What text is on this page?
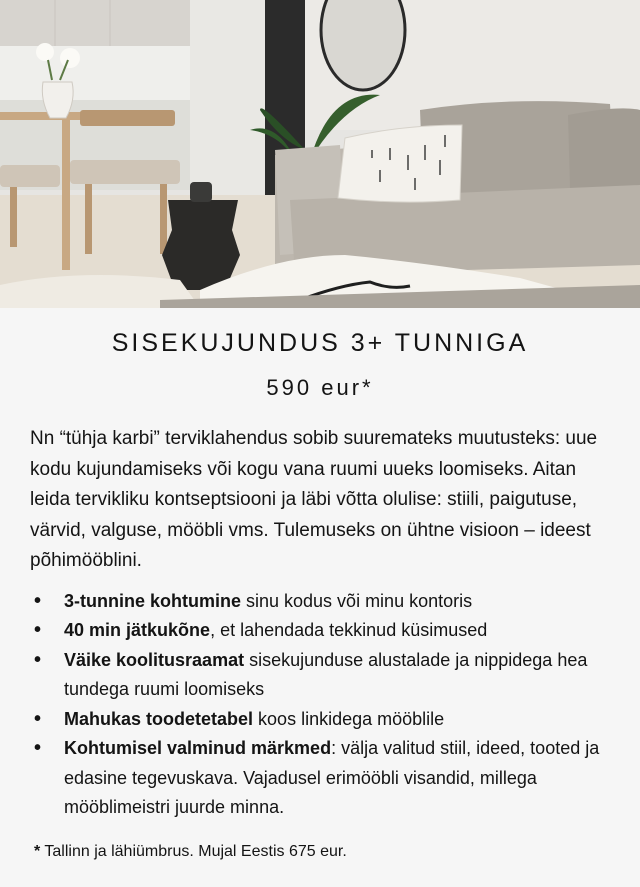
SISEKUJUNDUS 3+ TUNNIGA
590 eur*

Nn “tühja karbi” terviklahendus sobib suuremateks muutusteks: uue kodu kujundamiseks või kogu vana ruumi uueks loomiseks. Aitan leida tervikliku kontseptsiooni ja läbi võtta olulise: stiili, paigutuse, värvid, valguse, mööbli vms. Tulemuseks on ühtne visioon – ideest põhimööblini.

• 3-tunnine kohtumine sinu kodus või minu kontoris
• 40 min jätkukõne, et lahendada tekkinud küsimused
• Väike koolitusraamat sisekujunduse alustalade ja nippidega hea tundega ruumi loomiseks
• Mahukas toodetetabel koos linkidega mööblile
• Kohtumisel valminud märkmed: välja valitud stiil, ideed, tooted ja edasine tegevuskava. Vajadusel erimööbli visandid, millega mööblimeistri juurde minna.
* Tallinn ja lähiümbrus. Mujal Eestis 675 eur.
